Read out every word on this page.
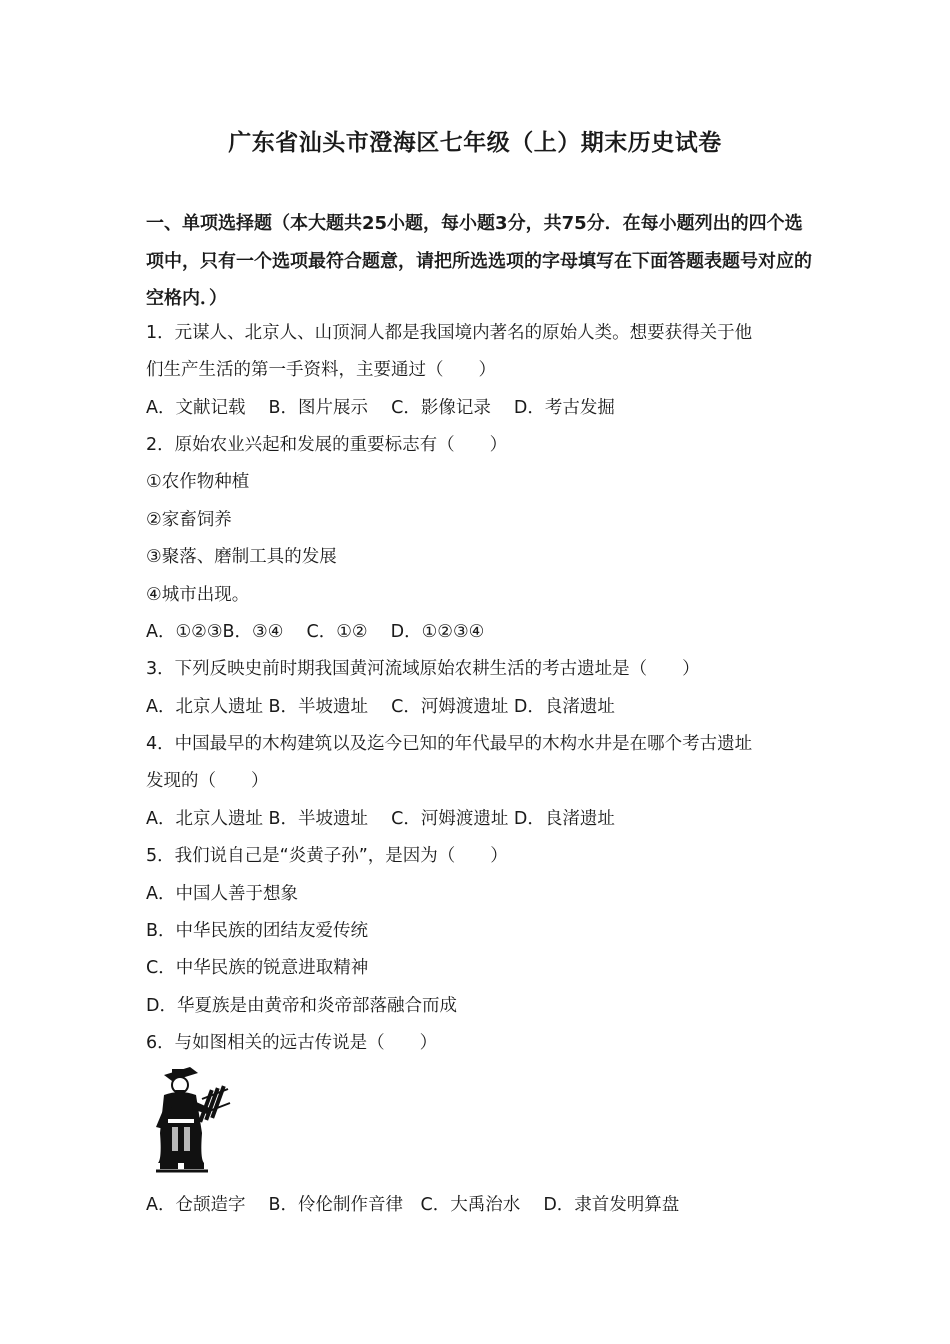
广东省汕头市澄海区七年级（上）期末历史试卷
一、单项选择题（本大题共25小题，每小题3分，共75分．在每小题列出的四个选项中，只有一个选项最符合题意，请把所选选项的字母填写在下面答题表题号对应的空格内．）
1．元谋人、北京人、山顶洞人都是我国境内著名的原始人类。想要获得关于他
们生产生活的第一手资料，主要通过（　　）
A．文献记载　 B．图片展示　 C．影像记录　 D．考古发掘
2．原始农业兴起和发展的重要标志有（　　）
①农作物种植
②家畜饲养
③聚落、磨制工具的发展
④城市出现。
A．①②③B．③④　 C．①②　 D．①②③④
3．下列反映史前时期我国黄河流域原始农耕生活的考古遗址是（　　）
A．北京人遗址 B．半坡遗址　 C．河姆渡遗址 D．良渚遗址
4．中国最早的木构建筑以及迄今已知的年代最早的木构水井是在哪个考古遗址
发现的（　　）
A．北京人遗址 B．半坡遗址　 C．河姆渡遗址 D．良渚遗址
5．我们说自己是“炎黄子孙”，是因为（　　）
A．中国人善于想象
B．中华民族的团结友爱传统
C．中华民族的锐意进取精神
D．华夏族是由黄帝和炎帝部落融合而成
6．与如图相关的远古传说是（　　）
A．仓颉造字　 B．伶伦制作音律　C．大禹治水　 D．隶首发明算盘
